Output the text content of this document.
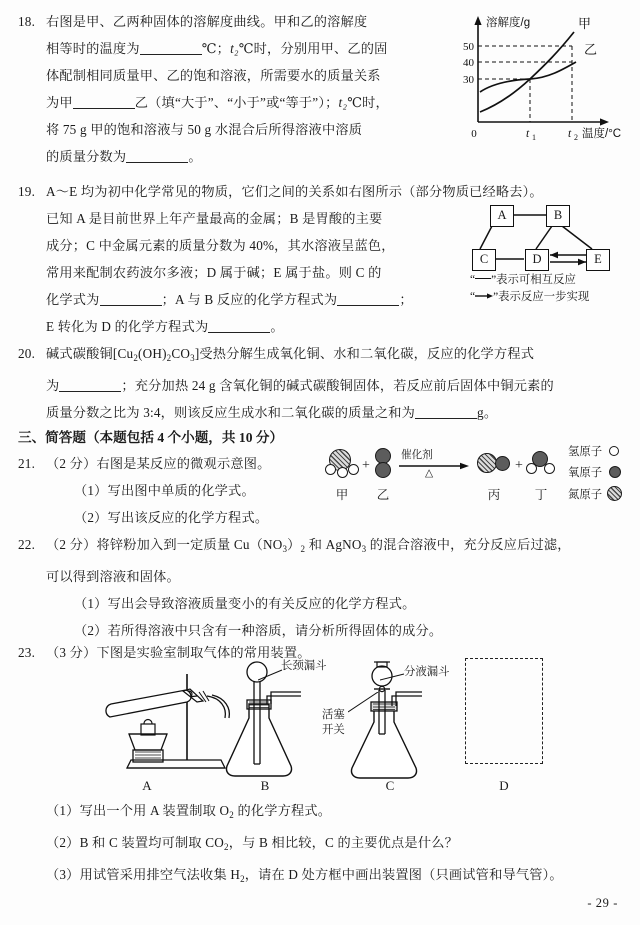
18. 右图是甲、乙两种固体的溶解度曲线。甲和乙的溶解度
相等时的温度为	℃；t₂℃时，分别用甲、乙的固
体配制相同质量甲、乙的饱和溶液，所需要水的质量关系
为甲	乙（填“大于”、“小于”或“等于”）；t₂℃时，
将 75 g 甲的饱和溶液与 50 g 水混合后所得溶液中溶质
的质量分数为	。
50
40
30
0	t 1	t 2 温度/°C
溶解度/g	甲
乙
19. A～E 均为初中化学常见的物质，它们之间的关系如右图所示（部分物质已经略去）。
已知 A 是目前世界上年产量最高的金属；B 是胃酸的主要
成分；C 中金属元素的质量分数为 40%，其水溶液呈蓝色，
常用来配制农药波尔多液；D 属于碱；E 属于盐。则 C 的
化学式为	；A 与 B 反应的化学方程式为	；
E 转化为 D 的化学方程式为	。
A	B
C	D	E
“ ”表示可相互反应
“ ”表示反应一步实现
20. 碱式碳酸铜$[Cu_2(OH)_2CO_3]$受热分解生成氧化铜、水和二氧化碳，反应的化学方程式
为	；充分加热 24 g 含氧化铜的碱式碳酸铜固体，若反应前后固体中铜元素的
质量分数之比为 3:4，则该反应生成水和二氧化碳的质量之和为	g。
三、简答题（本题包括 4 个小题，共 10 分）
21. （2 分）右图是某反应的微观示意图。
（1）写出图中单质的化学式。
（2）写出该反应的化学方程式。
甲
+
乙
催化剂
△
丙
+
丁
氢原子
氧原子
氮原子
22. （2 分）将锌粉加入到一定质量 $Cu(NO_3)_2$ 和 AgNO$_3$ 的混合溶液中，充分反应后过滤，
可以得到溶液和固体。
（1）写出会导致溶液质量变小的有关反应的化学方程式。
（2）若所得溶液中只含有一种溶质，请分析所得固体的成分。
23. （3 分）下图是实验室制取气体的常用装置。
A	B
长颈漏斗
C
分液漏斗
活塞
开关
D
（1）写出一个用 A 装置制取 $O_2$ 的化学方程式。
（2）B 和 C 装置均可制取 $CO_2$，与 B 相比较，C 的主要优点是什么？
（3）用试管采用排空气法收集 $H_2$，请在 D 处方框中画出装置图（只画试管和导气管）。
- 29 -
